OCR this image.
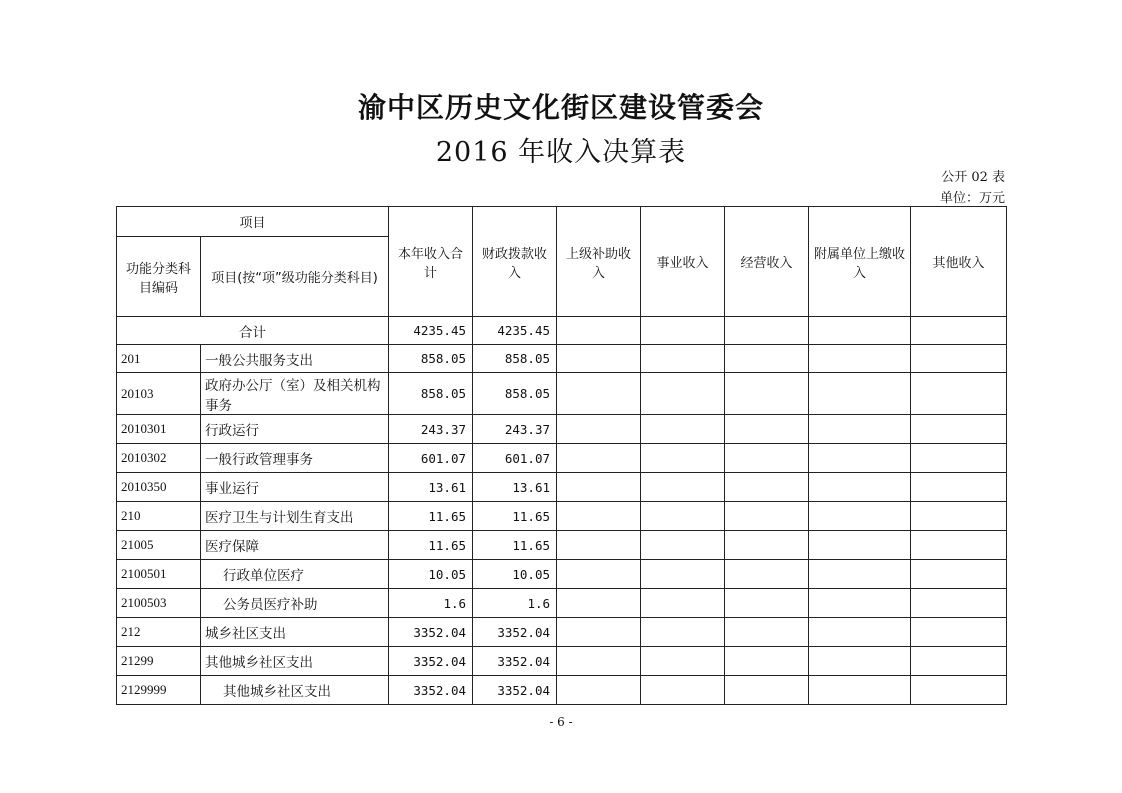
渝中区历史文化街区建设管委会
2016 年收入决算表
公开 02 表
单位：万元
项目		本年收入合计	财政拨款收入	上级补助收入	事业收入	经营收入	附属单位上缴收入	其他收入
功能分类科目编码	项目(按“项”级功能分类科目)							
合计		4235.45	4235.45					
201	一般公共服务支出	858.05	858.05					
20103	政府办公厅（室）及相关机构事务	858.05	858.05					
2010301	行政运行	243.37	243.37					
2010302	一般行政管理事务	601.07	601.07					
2010350	事业运行	13.61	13.61					
210	医疗卫生与计划生育支出	11.65	11.65					
21005	医疗保障	11.65	11.65					
2100501	行政单位医疗	10.05	10.05					
2100503	公务员医疗补助	1.6	1.6					
212	城乡社区支出	3352.04	3352.04					
21299	其他城乡社区支出	3352.04	3352.04					
2129999	其他城乡社区支出	3352.04	3352.04					
- 6 -
